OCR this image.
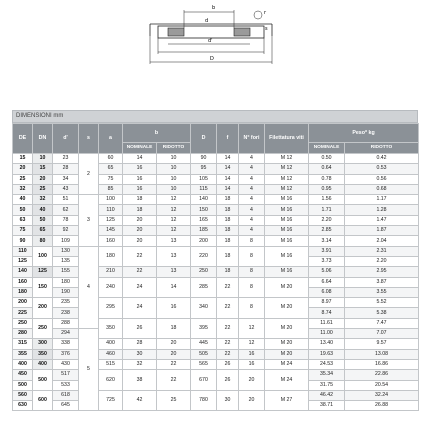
b
d
r
d'
s
D
DIMENSIONI mm
DE	DN	d'	s	a	b		D	f	N° fori	Filettatura viti	Peso* kg	
					NOMINALE	RIDOTTO					NOMINALE	RIDOTTO
15	10	23	2	60	14	10	90	14	4	M 12	0.50	0.42
20	15	28		65	16	10	95	14	4	M 12	0.64	0.53
25	20	34		75	16	10	105	14	4	M 12	0.78	0.56
32	25	43		85	16	10	115	14	4	M 12	0.95	0.68
40	32	51	3	100	18	12	140	18	4	M 16	1.56	1.17
50	40	62		110	18	12	150	18	4	M 16	1.71	1.28
63	50	78		125	20	12	165	18	4	M 16	2.20	1.47
75	65	92		145	20	12	185	18	4	M 16	2.85	1.87
90	80	109		160	20	13	200	18	8	M 16	3.14	2.04
110	100	130	4	180	22	13	220	18	8	M 16	3.91	2.31
125		135									3.73	2.20
140	125	155		210	22	13	250	18	8	M 16	5.06	2.95
160	150	180		240	24	14	285	22	8	M 20	6.64	3.87
180		190									6.08	3.55
200	200	235		295	24	16	340	22	8	M 20	8.97	5.52
225		238									8.74	5.38
250	250	288		350	26	18	395	22	12	M 20	11.61	7.47
280		294	5								11.00	7.07
315	300	338		400	28	20	445	22	12	M 20	13.40	9.57
355	350	376		460	30	20	505	22	16	M 20	19.63	13.08
400	400	430		515	32	22	565	26	16	M 24	24.53	16.86
450	500	517		620	38	22	670	26	20	M 24	35.34	22.86
500		533									31.75	20.54
560	600	618		725	42	25	780	30	20	M 27	46.42	32.24
630		645									38.71	26.88
